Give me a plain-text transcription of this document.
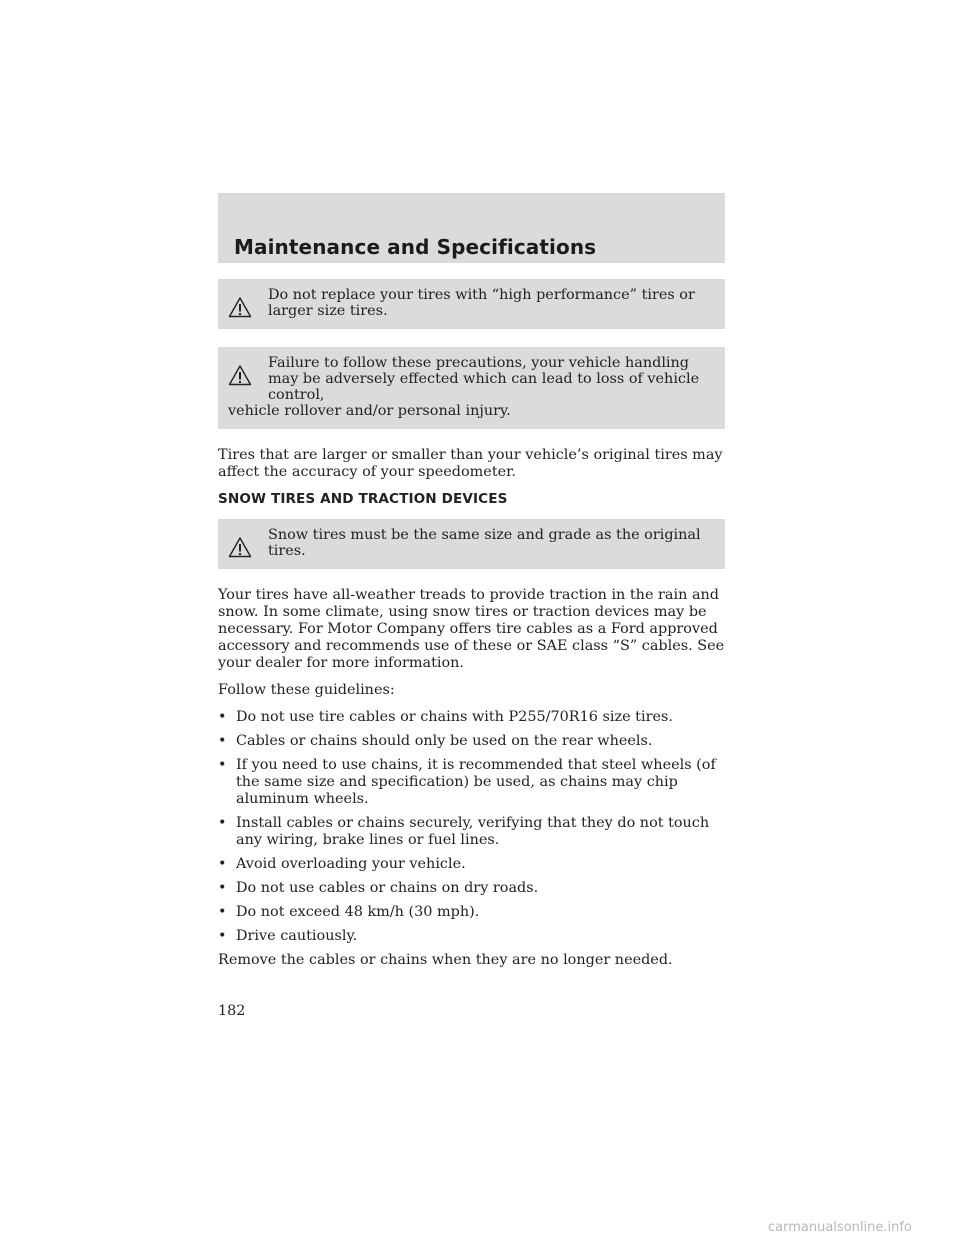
Maintenance and Specifications
Do not replace your tires with “high performance” tires or larger size tires.
Failure to follow these precautions, your vehicle handling may be adversely effected which can lead to loss of vehicle control,
vehicle rollover and/or personal injury.

Tires that are larger or smaller than your vehicle’s original tires may affect the accuracy of your speedometer.

SNOW TIRES AND TRACTION DEVICES
Snow tires must be the same size and grade as the original tires.

Your tires have all-weather treads to provide traction in the rain and snow. In some climate, using snow tires or traction devices may be necessary. For Motor Company offers tire cables as a Ford approved accessory and recommends use of these or SAE class “S” cables. See your dealer for more information.

Follow these guidelines:

• Do not use tire cables or chains with P255/70R16 size tires.
• Cables or chains should only be used on the rear wheels.
• If you need to use chains, it is recommended that steel wheels (of the same size and specification) be used, as chains may chip aluminum wheels.
• Install cables or chains securely, verifying that they do not touch any wiring, brake lines or fuel lines.
• Avoid overloading your vehicle.
• Do not use cables or chains on dry roads.
• Do not exceed 48 km/h (30 mph).
• Drive cautiously.

Remove the cables or chains when they are no longer needed.

182
carmanualsonline.info
